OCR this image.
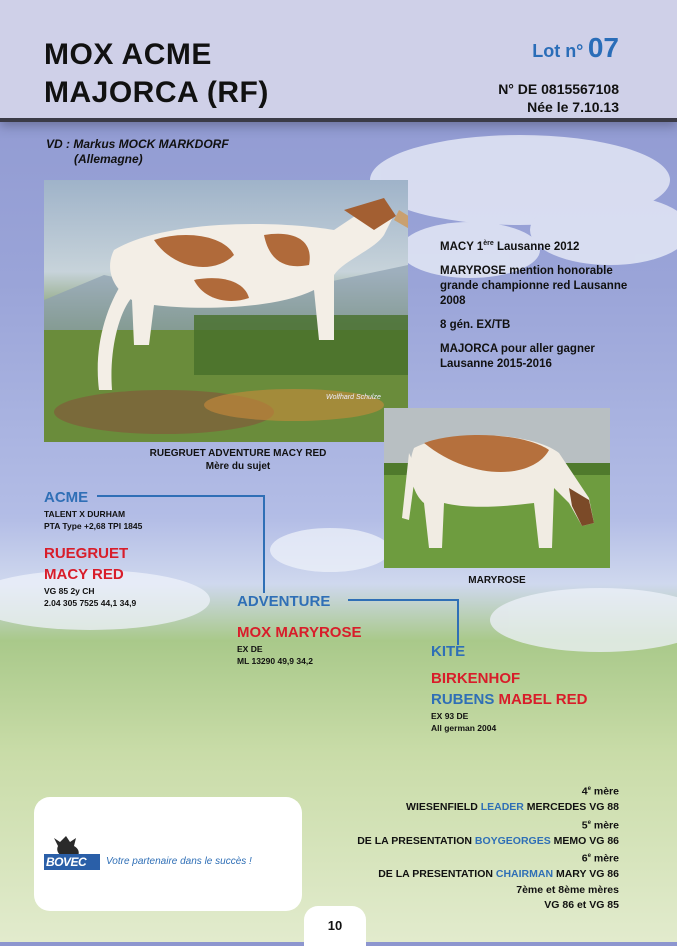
MOX ACME
MAJORCA (RF)
Lot n° 07
N° DE 0815567108
Née le 7.10.13
VD : Markus MOCK MARKDORF
(Allemagne)
Wolfhard Schulze
RUEGRUET ADVENTURE MACY RED
Mère du sujet
MARYROSE

MACY 1ère Lausanne 2012

MARYROSE mention honorable grande championne red Lausanne 2008

8 gén. EX/TB

MAJORCA pour aller gagner Lausanne 2015-2016

ACME
TALENT X DURHAM
PTA Type +2,68 TPI 1845
RUEGRUET
MACY RED
VG 85 2y CH
2.04 305 7525 44,1 34,9	ADVENTURE
MOX MARYROSE
EX DE
ML 13290 49,9 34,2
KITE
BIRKENHOF
RUBENS MABEL RED
EX 93 DE
All german 2004
BOVEC	Votre partenaire dans le succès !
4e mère
WIESENFIELD LEADER MERCEDES VG 88
5e mère
DE LA PRESENTATION BOYGEORGES MEMO VG 86
6e mère
DE LA PRESENTATION CHAIRMAN MARY VG 86
7ème et 8ème mères
VG 86 et VG 85
10
